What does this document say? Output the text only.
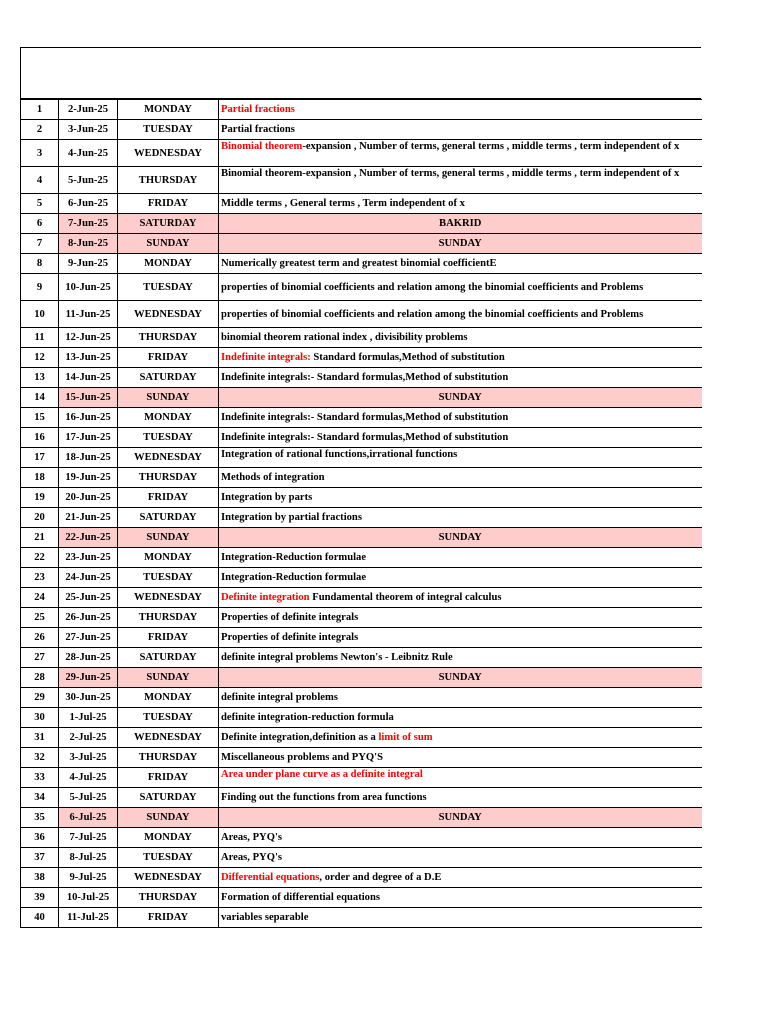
1	2-Jun-25	MONDAY	Partial fractions
2	3-Jun-25	TUESDAY	Partial fractions
3	4-Jun-25	WEDNESDAY	Binomial theorem-expansion , Number of terms, general terms , middle terms , term independent of x
4	5-Jun-25	THURSDAY	Binomial theorem-expansion , Number of terms, general terms , middle terms , term independent of x
5	6-Jun-25	FRIDAY	Middle terms , General terms , Term independent of x
6	7-Jun-25	SATURDAY	BAKRID
7	8-Jun-25	SUNDAY	SUNDAY
8	9-Jun-25	MONDAY	Numerically greatest term and greatest binomial coefficientE
9	10-Jun-25	TUESDAY	properties of binomial coefficients and relation among the binomial coefficients and Problems
10	11-Jun-25	WEDNESDAY	properties of binomial coefficients and relation among the binomial coefficients and Problems
11	12-Jun-25	THURSDAY	binomial theorem rational index , divisibility problems
12	13-Jun-25	FRIDAY	Indefinite integrals: Standard formulas,Method of substitution
13	14-Jun-25	SATURDAY	Indefinite integrals:- Standard formulas,Method of substitution
14	15-Jun-25	SUNDAY	SUNDAY
15	16-Jun-25	MONDAY	Indefinite integrals:- Standard formulas,Method of substitution
16	17-Jun-25	TUESDAY	Indefinite integrals:- Standard formulas,Method of substitution
17	18-Jun-25	WEDNESDAY	Integration of rational functions,irrational functions
18	19-Jun-25	THURSDAY	Methods of integration
19	20-Jun-25	FRIDAY	Integration by parts
20	21-Jun-25	SATURDAY	Integration by partial fractions
21	22-Jun-25	SUNDAY	SUNDAY
22	23-Jun-25	MONDAY	Integration-Reduction formulae
23	24-Jun-25	TUESDAY	Integration-Reduction formulae
24	25-Jun-25	WEDNESDAY	Definite integration Fundamental theorem of integral calculus
25	26-Jun-25	THURSDAY	Properties of definite integrals
26	27-Jun-25	FRIDAY	Properties of definite integrals
27	28-Jun-25	SATURDAY	definite integral problems Newton's - Leibnitz Rule
28	29-Jun-25	SUNDAY	SUNDAY
29	30-Jun-25	MONDAY	definite integral problems
30	1-Jul-25	TUESDAY	definite integration-reduction formula
31	2-Jul-25	WEDNESDAY	Definite integration,definition as a limit of sum
32	3-Jul-25	THURSDAY	Miscellaneous problems and PYQ'S
33	4-Jul-25	FRIDAY	Area under plane curve as a definite integral
34	5-Jul-25	SATURDAY	Finding out the functions from area functions
35	6-Jul-25	SUNDAY	SUNDAY
36	7-Jul-25	MONDAY	Areas, PYQ's
37	8-Jul-25	TUESDAY	Areas, PYQ's
38	9-Jul-25	WEDNESDAY	Differential equations, order and degree of a D.E
39	10-Jul-25	THURSDAY	Formation of differential equations
40	11-Jul-25	FRIDAY	variables separable
